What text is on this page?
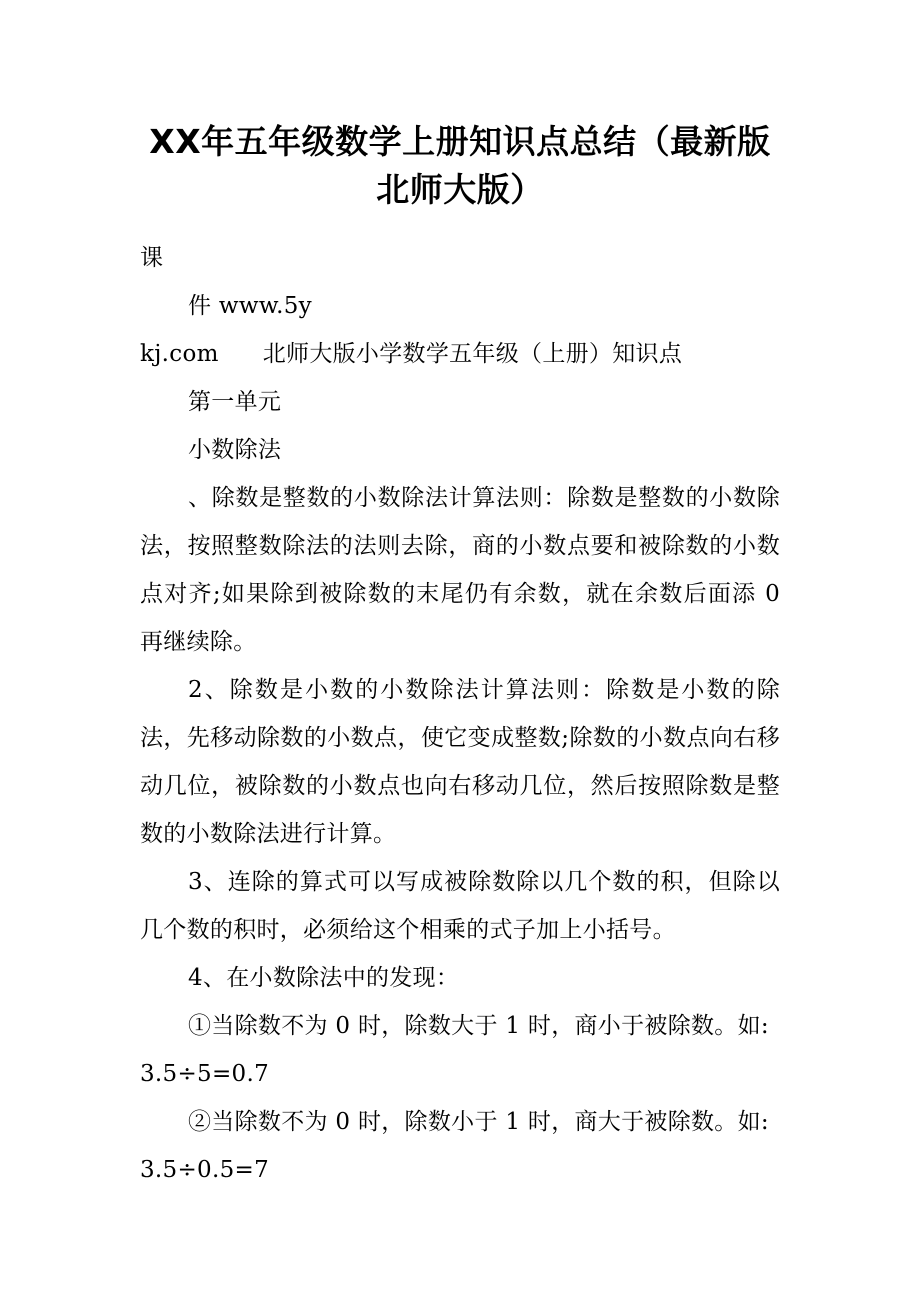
XX年五年级数学上册知识点总结（最新版北师大版）

课

件 www.5y

kj.com 北师大版小学数学五年级（上册）知识点

第一单元

小数除法

、除数是整数的小数除法计算法则：除数是整数的小数除法，按照整数除法的法则去除，商的小数点要和被除数的小数点对齐;如果除到被除数的末尾仍有余数，就在余数后面添 0 再继续除。

2、除数是小数的小数除法计算法则：除数是小数的除法，先移动除数的小数点，使它变成整数;除数的小数点向右移动几位，被除数的小数点也向右移动几位，然后按照除数是整数的小数除法进行计算。

3、连除的算式可以写成被除数除以几个数的积，但除以几个数的积时，必须给这个相乘的式子加上小括号。

4、在小数除法中的发现：

①当除数不为 0 时，除数大于 1 时，商小于被除数。如:

3.5÷5=0.7

②当除数不为 0 时，除数小于 1 时，商大于被除数。如:

3.5÷0.5=7
